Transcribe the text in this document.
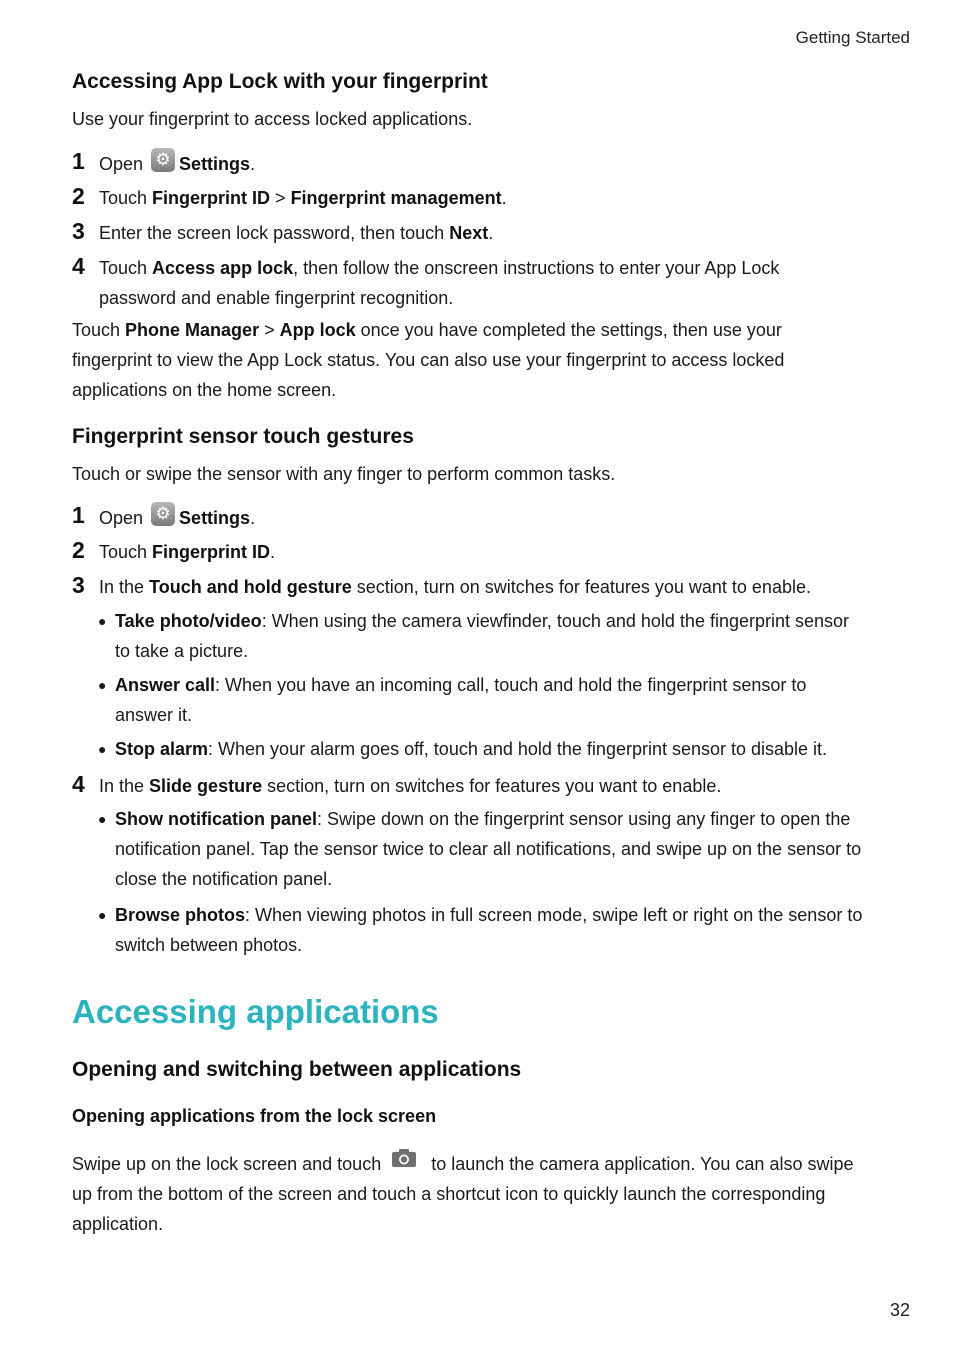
Getting Started
Accessing App Lock with your fingerprint
Use your fingerprint to access locked applications.
1 Open ⚙ Settings.
2 Touch Fingerprint ID > Fingerprint management.
3 Enter the screen lock password, then touch Next.
4 Touch Access app lock, then follow the onscreen instructions to enter your App Lock password and enable fingerprint recognition.
Touch Phone Manager > App lock once you have completed the settings, then use your fingerprint to view the App Lock status. You can also use your fingerprint to access locked applications on the home screen.
Fingerprint sensor touch gestures
Touch or swipe the sensor with any finger to perform common tasks.
1 Open ⚙ Settings.
2 Touch Fingerprint ID.
3 In the Touch and hold gesture section, turn on switches for features you want to enable.
● Take photo/video: When using the camera viewfinder, touch and hold the fingerprint sensor to take a picture.
● Answer call: When you have an incoming call, touch and hold the fingerprint sensor to answer it.
● Stop alarm: When your alarm goes off, touch and hold the fingerprint sensor to disable it.
4 In the Slide gesture section, turn on switches for features you want to enable.
● Show notification panel: Swipe down on the fingerprint sensor using any finger to open the notification panel. Tap the sensor twice to clear all notifications, and swipe up on the sensor to close the notification panel.
● Browse photos: When viewing photos in full screen mode, swipe left or right on the sensor to switch between photos.
Accessing applications
Opening and switching between applications
Opening applications from the lock screen
Swipe up on the lock screen and touch	to launch the camera application. You can also swipe up from the bottom of the screen and touch a shortcut icon to quickly launch the corresponding application.
32
